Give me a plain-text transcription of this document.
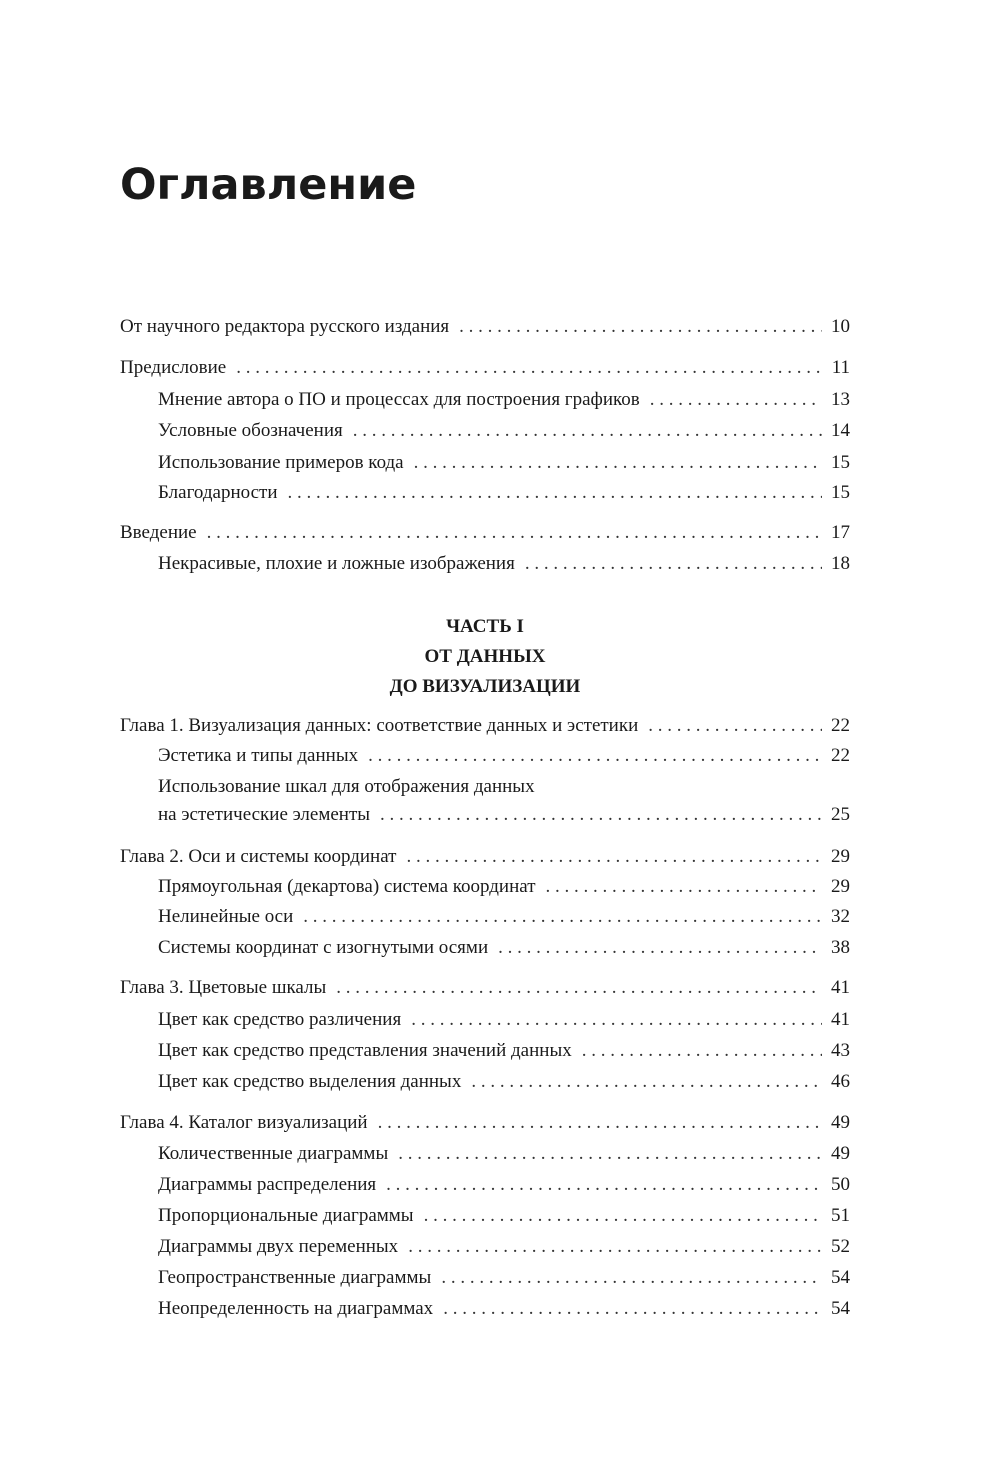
Оглавление
От научного редактора русского издания . . .	10
Предисловие . . .	11
Мнение автора о ПО и процессах для построения графиков . . .	13
Условные обозначения . . .	14
Использование примеров кода . . .	15
Благодарности . . .	15
Введение . . .	17
Некрасивые, плохие и ложные изображения . . .	18
ЧАСТЬ I
ОТ ДАННЫХ
ДО ВИЗУАЛИЗАЦИИ
Глава 1. Визуализация данных: соответствие данных и эстетики . . .	22
Эстетика и типы данных . . .	22
Использование шкал для отображения данных
на эстетические элементы . . .	25
Глава 2. Оси и системы координат . . .	29
Прямоугольная (декартова) система координат . . .	29
Нелинейные оси . . .	32
Системы координат с изогнутыми осями . . .	38
Глава 3. Цветовые шкалы . . .	41
Цвет как средство различения . . .	41
Цвет как средство представления значений данных . . .	43
Цвет как средство выделения данных . . .	46
Глава 4. Каталог визуализаций . . .	49
Количественные диаграммы . . .	49
Диаграммы распределения . . .	50
Пропорциональные диаграммы . . .	51
Диаграммы двух переменных . . .	52
Геопространственные диаграммы . . .	54
Неопределенность на диаграммах . . .	54
